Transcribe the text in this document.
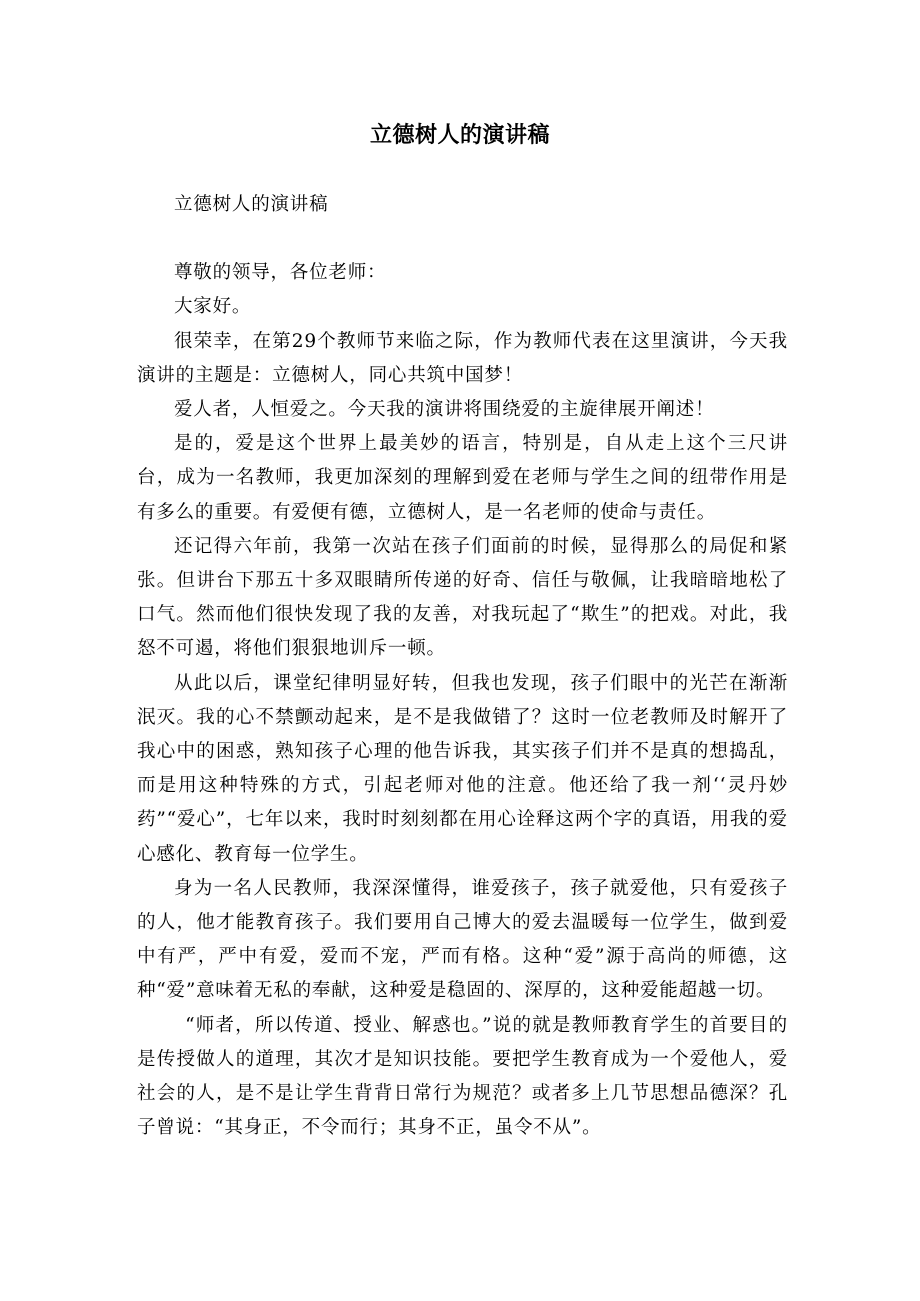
立德树人的演讲稿

立德树人的演讲稿

尊敬的领导，各位老师：

大家好。

很荣幸，在第29个教师节来临之际，作为教师代表在这里演讲，今天我演讲的主题是：立德树人，同心共筑中国梦！

爱人者，人恒爱之。今天我的演讲将围绕爱的主旋律展开阐述！

是的，爱是这个世界上最美妙的语言，特别是，自从走上这个三尺讲台，成为一名教师，我更加深刻的理解到爱在老师与学生之间的纽带作用是有多么的重要。有爱便有德，立德树人，是一名老师的使命与责任。

还记得六年前，我第一次站在孩子们面前的时候，显得那么的局促和紧张。但讲台下那五十多双眼睛所传递的好奇、信任与敬佩，让我暗暗地松了口气。然而他们很快发现了我的友善，对我玩起了“欺生”的把戏。对此，我怒不可遏，将他们狠狠地训斥一顿。

从此以后，课堂纪律明显好转，但我也发现，孩子们眼中的光芒在渐渐泯灭。我的心不禁颤动起来，是不是我做错了？这时一位老教师及时解开了我心中的困惑，熟知孩子心理的他告诉我，其实孩子们并不是真的想捣乱，而是用这种特殊的方式，引起老师对他的注意。他还给了我一剂‘‘灵丹妙药”“爱心”，七年以来，我时时刻刻都在用心诠释这两个字的真语，用我的爱心感化、教育每一位学生。

身为一名人民教师，我深深懂得，谁爱孩子，孩子就爱他，只有爱孩子的人，他才能教育孩子。我们要用自己博大的爱去温暖每一位学生，做到爱中有严，严中有爱，爱而不宠，严而有格。这种“爱”源于高尚的师德，这种“爱”意味着无私的奉献，这种爱是稳固的、深厚的，这种爱能超越一切。

“师者，所以传道、授业、解惑也。”说的就是教师教育学生的首要目的是传授做人的道理，其次才是知识技能。要把学生教育成为一个爱他人，爱社会的人，是不是让学生背背日常行为规范？或者多上几节思想品德深？孔子曾说：“其身正，不令而行；其身不正，虽令不从”。
